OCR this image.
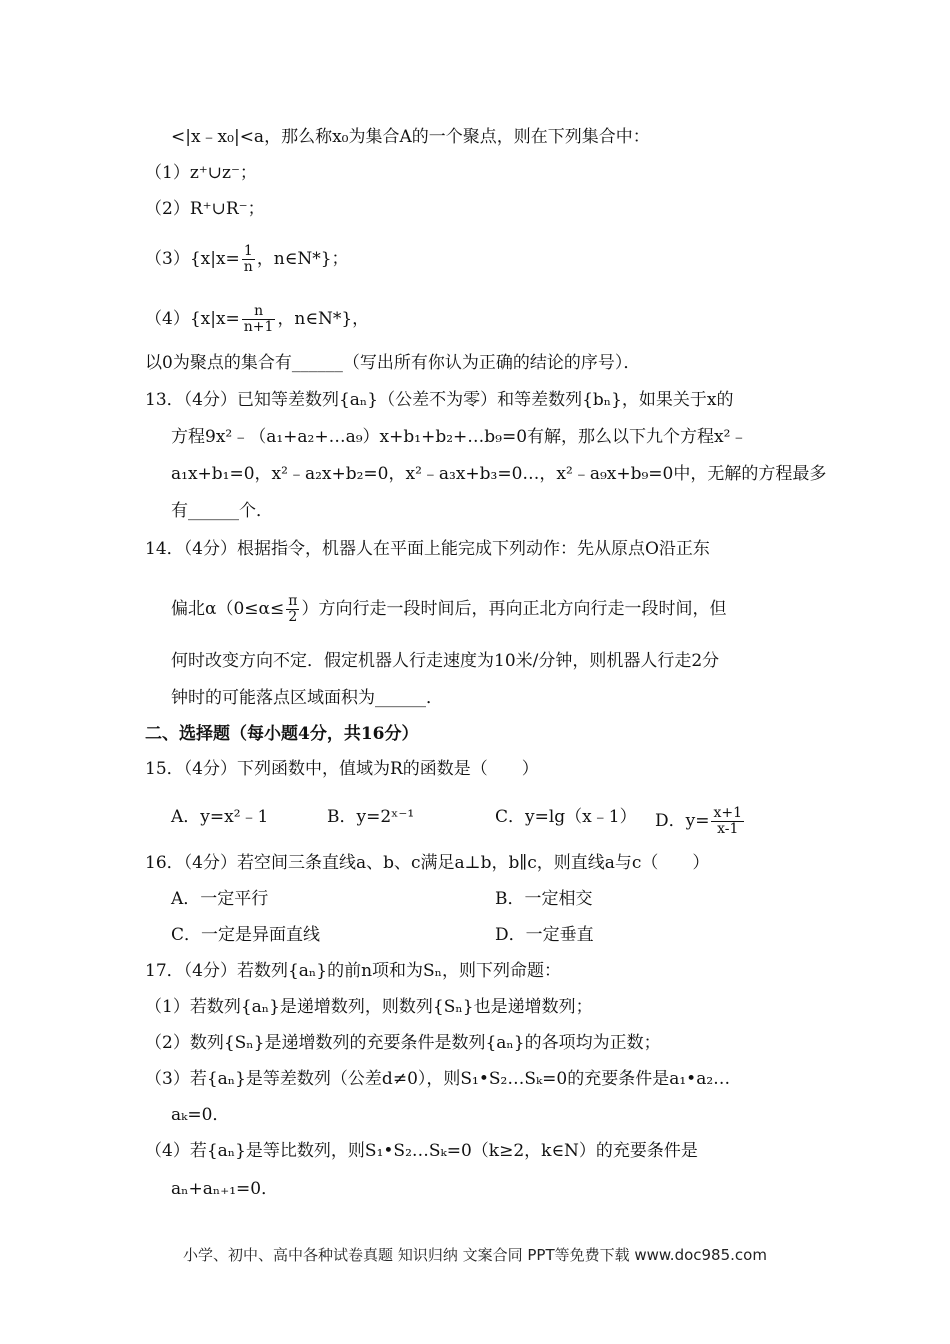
<|x﹣x₀|<a，那么称x₀为集合A的一个聚点，则在下列集合中：
（1）z⁺∪z⁻；
（2）R⁺∪R⁻；
$(3)\{x|x= \frac{1}{n}$ ，n∈N*}；
$(4)\{x|x= \frac{n}{n+1}$ ，n∈N*}，
以0为聚点的集合有______（写出所有你认为正确的结论的序号）．
13．（4分）已知等差数列{aₙ}（公差不为零）和等差数列{bₙ}，如果关于x的
方程9x²﹣（a₁+a₂+…a₉）x+b₁+b₂+…b₉=0有解，那么以下九个方程x²﹣
a₁x+b₁=0，x²﹣a₂x+b₂=0，x²﹣a₃x+b₃=0…，x²﹣a₉x+b₉=0中，无解的方程最多
有______个．
14．（4分）根据指令，机器人在平面上能完成下列动作：先从原点O沿正东
偏北$\alpha(0\le\alpha\le \frac{\pi}{2}$ ）方向行走一段时间后，再向正北方向行走一段时间，但
何时改变方向不定．假定机器人行走速度为10米/分钟，则机器人行走2分
钟时的可能落点区域面积为______．
二、选择题（每小题4分，共16分）
15．（4分）下列函数中，值域为R的函数是（　　）
A．y=x²﹣1	B．y=2ˣ⁻¹	C．y=lg（x﹣1） D．$y= \frac{x+1}{x-1}$
16．（4分）若空间三条直线a、b、c满足a⊥b，b∥c，则直线a与c（　　）
A．一定平行	B．一定相交
C．一定是异面直线	D．一定垂直
17．（4分）若数列{aₙ}的前n项和为Sₙ，则下列命题：
（1）若数列{aₙ}是递增数列，则数列{Sₙ}也是递增数列；
（2）数列{Sₙ}是递增数列的充要条件是数列{aₙ}的各项均为正数；
（3）若{aₙ}是等差数列（公差d≠0），则S₁•S₂…Sₖ=0的充要条件是a₁•a₂…
aₖ=0．
（4）若{aₙ}是等比数列，则S₁•S₂…Sₖ=0（k≥2，k∈N）的充要条件是
aₙ+aₙ₊₁=0．
小学、初中、高中各种试卷真题 知识归纳 文案合同 PPT等免费下载 www.doc985.com
